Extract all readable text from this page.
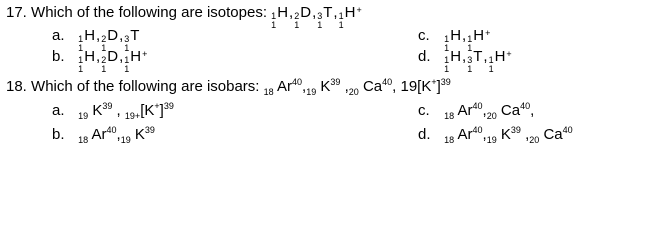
17. Which of the following are isotopes: 1
1
H, 2
1
D, 3
1
T, 1
1
H+
a. 1
1
H, 2
1
D, 3
1
T
b. 1
1
H, 2
1
D, 1
1
H+
c. 1
1
H, 1
1
H+
d. 1
1
H, 3
1
T, 1
1
H+
18. Which of the following are isobars: $_{18}$ $Ar^{40},_{19}$ $K^{39}$ $,_{20}$ Ca$^{40}$, $19[K^+]^{39}$
a. $_{19}$ $K^{39}$ , $_{19+}[K^+]^{39}$
b. $_{18}$ $Ar^{40},_{19}$ $K^{39}$
c. $_{18}$ $Ar^{40},_{20}$ Ca$^{40}$,
d. $_{18}$ $Ar^{40},_{19}$ $K^{39}$ $,_{20}$ Ca$^{40}$
